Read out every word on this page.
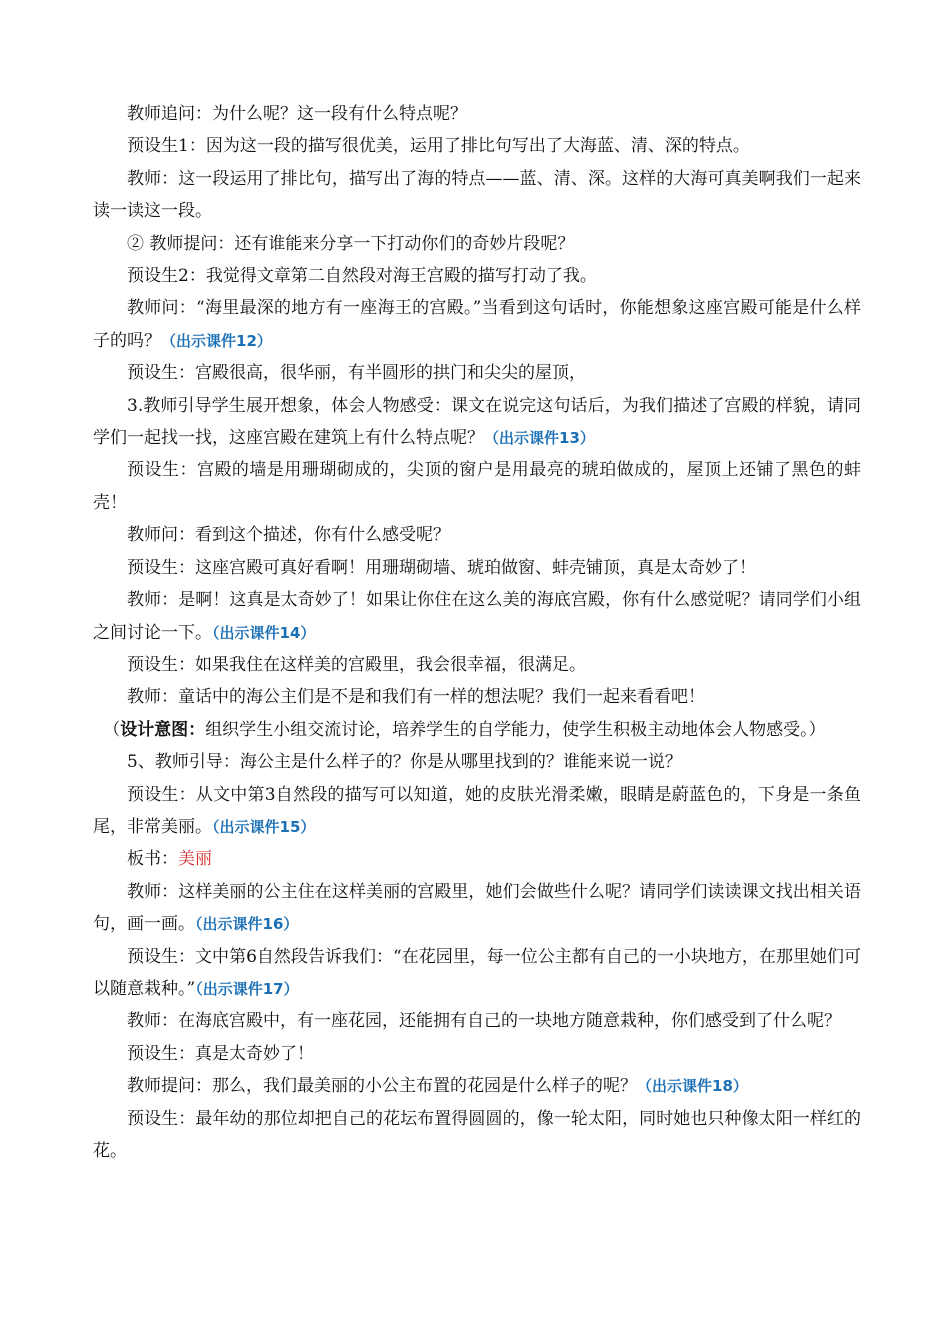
教师追问：为什么呢？这一段有什么特点呢？

预设生1：因为这一段的描写很优美，运用了排比句写出了大海蓝、清、深的特点。

教师：这一段运用了排比句，描写出了海的特点——蓝、清、深。这样的大海可真美啊我们一起来读一读这一段。

② 教师提问：还有谁能来分享一下打动你们的奇妙片段呢？

预设生2：我觉得文章第二自然段对海王宫殿的描写打动了我。

教师问：“海里最深的地方有一座海王的宫殿。”当看到这句话时，你能想象这座宫殿可能是什么样子的吗？（出示课件12）

预设生：宫殿很高，很华丽，有半圆形的拱门和尖尖的屋顶，

3.教师引导学生展开想象，体会人物感受：课文在说完这句话后，为我们描述了宫殿的样貌，请同学们一起找一找，这座宫殿在建筑上有什么特点呢？（出示课件13）

预设生：宫殿的墙是用珊瑚砌成的，尖顶的窗户是用最亮的琥珀做成的，屋顶上还铺了黑色的蚌壳！

教师问：看到这个描述，你有什么感受呢？

预设生：这座宫殿可真好看啊！用珊瑚砌墙、琥珀做窗、蚌壳铺顶，真是太奇妙了！

教师：是啊！这真是太奇妙了！如果让你住在这么美的海底宫殿，你有什么感觉呢？请同学们小组之间讨论一下。（出示课件14）

预设生：如果我住在这样美的宫殿里，我会很幸福，很满足。

教师：童话中的海公主们是不是和我们有一样的想法呢？我们一起来看看吧！

（设计意图：组织学生小组交流讨论，培养学生的自学能力，使学生积极主动地体会人物感受。）

5、教师引导：海公主是什么样子的？你是从哪里找到的？谁能来说一说？

预设生：从文中第3自然段的描写可以知道，她的皮肤光滑柔嫩，眼睛是蔚蓝色的，下身是一条鱼尾，非常美丽。（出示课件15）

板书：美丽

教师：这样美丽的公主住在这样美丽的宫殿里，她们会做些什么呢？请同学们读读课文找出相关语句，画一画。（出示课件16）

预设生：文中第6自然段告诉我们：“在花园里，每一位公主都有自己的一小块地方，在那里她们可以随意栽种。”（出示课件17）

教师：在海底宫殿中，有一座花园，还能拥有自己的一块地方随意栽种，你们感受到了什么呢？

预设生：真是太奇妙了！

教师提问：那么，我们最美丽的小公主布置的花园是什么样子的呢？（出示课件18）

预设生：最年幼的那位却把自己的花坛布置得圆圆的，像一轮太阳，同时她也只种像太阳一样红的花。
